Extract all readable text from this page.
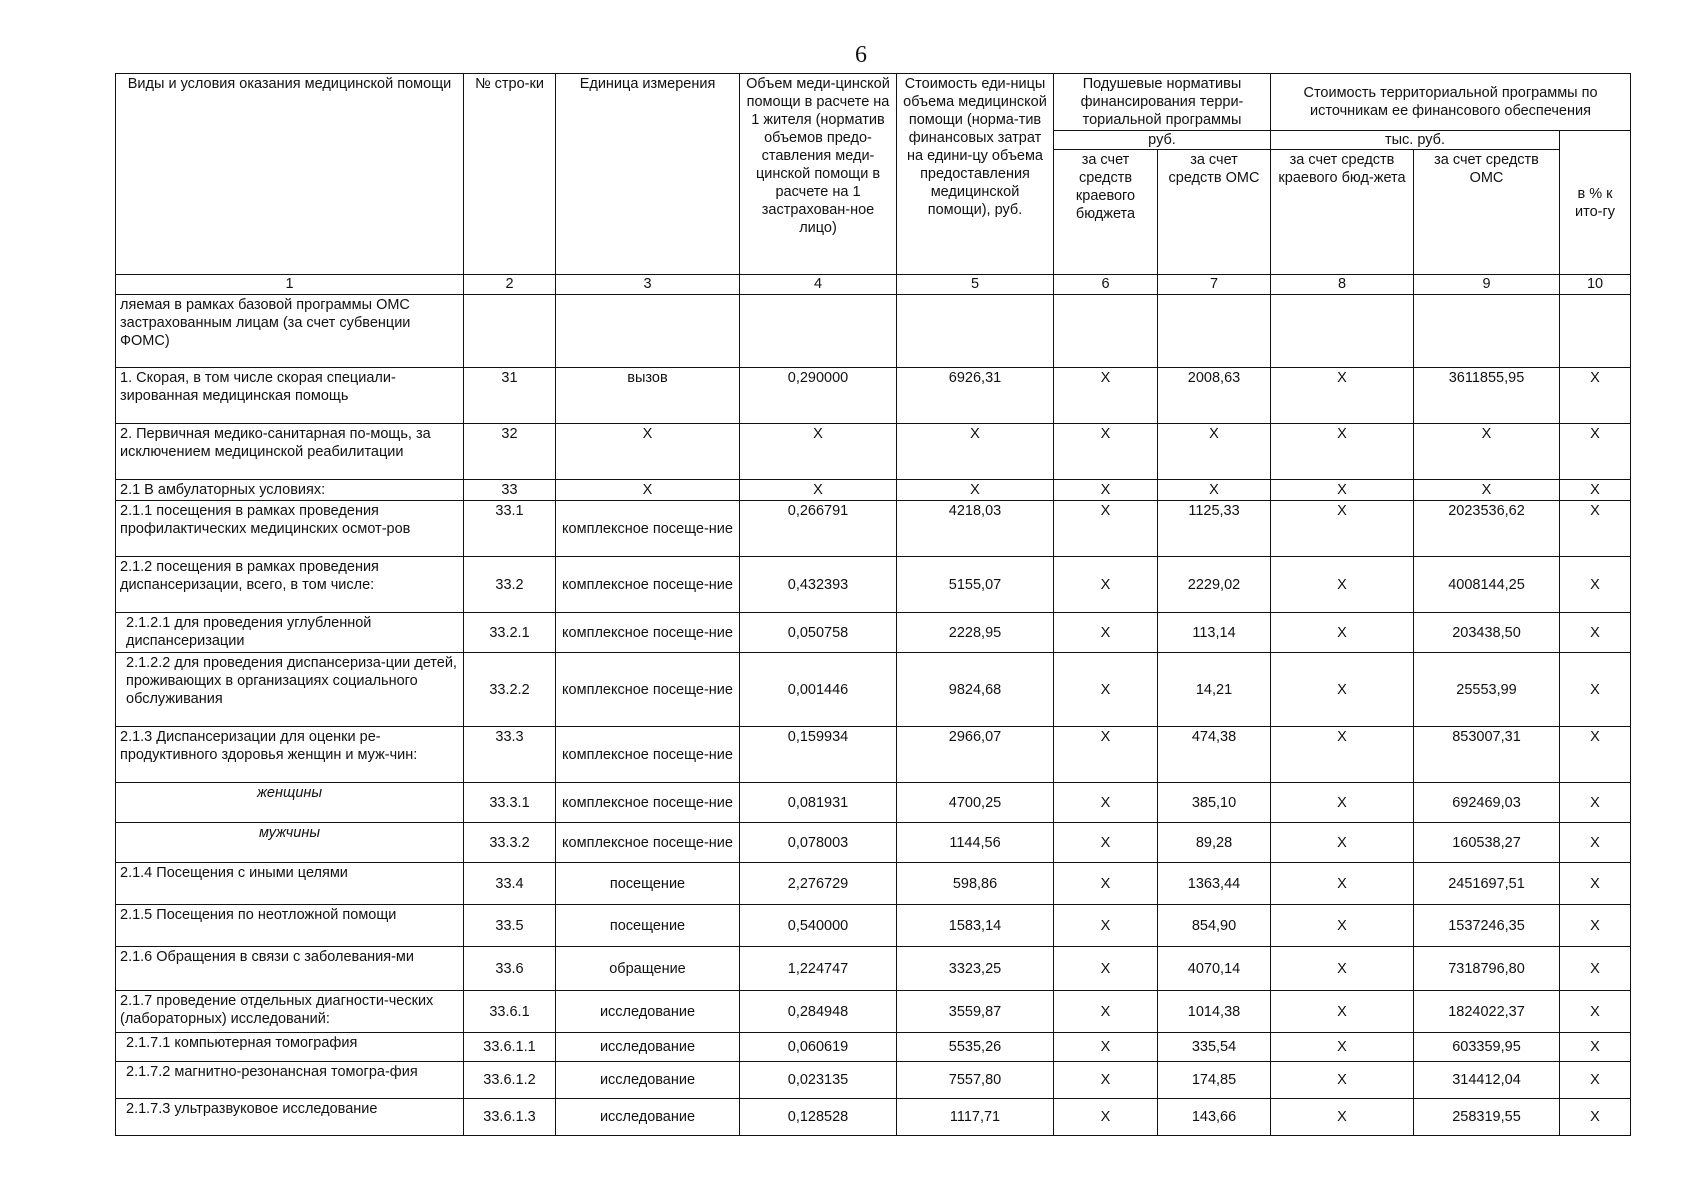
6
Виды и условия оказания медицинской помощи	№ стро-ки	Единица измерения	Объем меди-цинской помощи в расчете на 1 жителя (норматив объемов предо-ставления меди-цинской помощи в расчете на 1 застрахован-ное лицо)	Стоимость еди-ницы объема медицинской помощи (норма-тив финансовых затрат на едини-цу объема предоставления медицинской помощи), руб.	Подушевые нормативы финансирования терри-ториальной программы		Стоимость территориальной программы по источникам ее финансового обеспечения		
					руб.		тыс. руб.		в % к ито-гу
					за счет средств краевого бюджета	за счет средств ОМС	за счет средств краевого бюд-жета	за счет средств ОМС	
1	2	3	4	5	6	7	8	9	10
ляемая в рамках базовой программы ОМС застрахованным лицам (за счет субвенции ФОМС)									
1. Скорая, в том числе скорая специали-зированная медицинская помощь	31	вызов	0,290000	6926,31	X	2008,63	X	3611855,95	X
2. Первичная медико-санитарная по-мощь, за исключением медицинской реабилитации	32	X	X	X	X	X	X	X	X
2.1 В амбулаторных условиях:	33	X	X	X	X	X	X	X	X
2.1.1 посещения в рамках проведения профилактических медицинских осмот-ров	33.1	комплексное посеще-ние	0,266791	4218,03	X	1125,33	X	2023536,62	X
2.1.2 посещения в рамках проведения диспансеризации, всего, в том числе:	33.2	комплексное посеще-ние	0,432393	5155,07	X	2229,02	X	4008144,25	X
2.1.2.1 для проведения углубленной диспансеризации	33.2.1	комплексное посеще-ние	0,050758	2228,95	X	113,14	X	203438,50	X
2.1.2.2 для проведения диспансериза-ции детей, проживающих в организациях социального обслуживания	33.2.2	комплексное посеще-ние	0,001446	9824,68	X	14,21	X	25553,99	X
2.1.3 Диспансеризации для оценки ре-продуктивного здоровья женщин и муж-чин:	33.3	комплексное посеще-ние	0,159934	2966,07	X	474,38	X	853007,31	X
женщины	33.3.1	комплексное посеще-ние	0,081931	4700,25	X	385,10	X	692469,03	X
мужчины	33.3.2	комплексное посеще-ние	0,078003	1144,56	X	89,28	X	160538,27	X
2.1.4 Посещения с иными целями	33.4	посещение	2,276729	598,86	X	1363,44	X	2451697,51	X
2.1.5 Посещения по неотложной помощи	33.5	посещение	0,540000	1583,14	X	854,90	X	1537246,35	X
2.1.6 Обращения в связи с заболевания-ми	33.6	обращение	1,224747	3323,25	X	4070,14	X	7318796,80	X
2.1.7 проведение отдельных диагности-ческих (лабораторных) исследований:	33.6.1	исследование	0,284948	3559,87	X	1014,38	X	1824022,37	X
2.1.7.1 компьютерная томография	33.6.1.1	исследование	0,060619	5535,26	X	335,54	X	603359,95	X
2.1.7.2 магнитно-резонансная томогра-фия	33.6.1.2	исследование	0,023135	7557,80	X	174,85	X	314412,04	X
2.1.7.3 ультразвуковое исследование	33.6.1.3	исследование	0,128528	1117,71	X	143,66	X	258319,55	X
